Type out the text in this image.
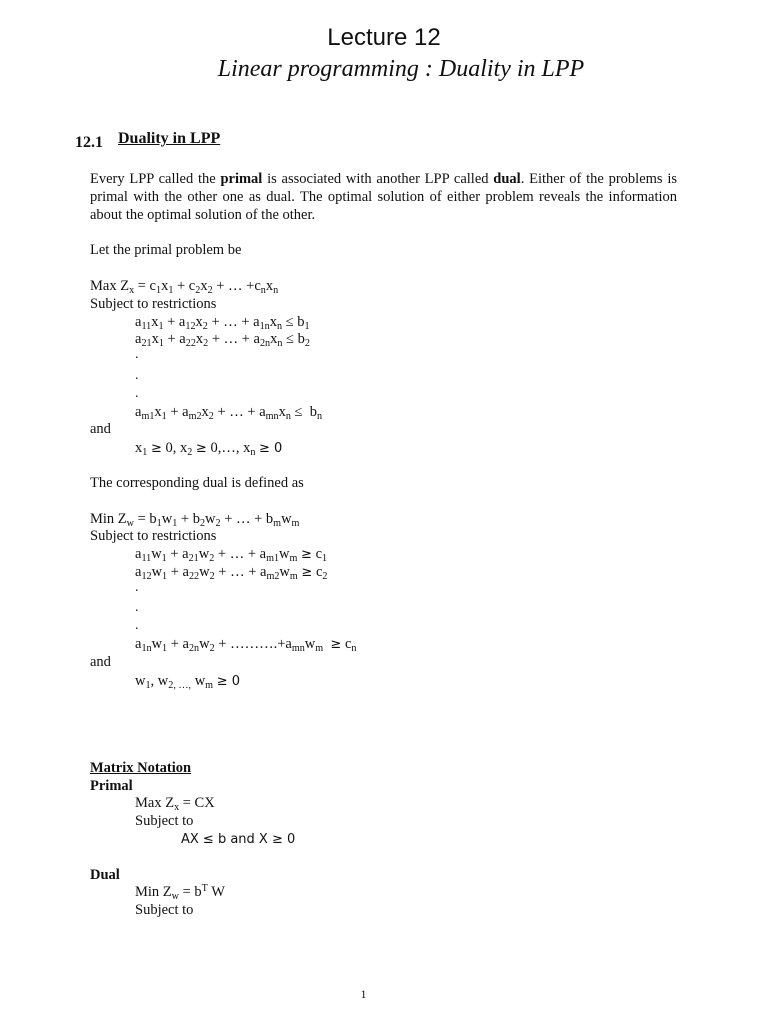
Lecture 12
Linear programming : Duality in LPP
12.1 Duality in LPP
Every LPP called the primal is associated with another LPP called dual. Either of the problems is primal with the other one as dual. The optimal solution of either problem reveals the information about the optimal solution of the other.
Let the primal problem be
Max $Z_x = c_1x_1 + c_2x_2$ + … $+c_nx_n$
Subject to restrictions
$a_{11}x_1 + a_{12}x_2$ + … + $a_{1n}x_n \le b_1$
$a_{21}x_1 + a_{22}x_2$ + … + $a_{2n}x_n \le b_2$
.
.
.
$a_{m1}x_1 + a_{m2}x_2$ + … + $a_{mn}x_n \le b_n$
and
$x_1 \ge 0$, $x_2$ ≥ 0,…, $x_n \ge 0$
The corresponding dual is defined as
Min $Z_w = b_1w_1 + b_2w_2$ + … + $b_mw_m$
Subject to restrictions
$a_{11}w_1 + a_{21}w_2$ + … + $a_{m1}w_m \ge c_1$
$a_{12}w_1 + a_{22}w_2$ + … + $a_{m2}w_m \ge c_2$
.
.
.
$a_{1n}w_1 + a_{2n}w_2$ + $\dots\dots\dots.+a_{mn}w_m \ge c_n$
and
$w_1$, $w_{2, \dots,}$ $w_m \ge 0$
Matrix Notation
Primal
Max $Z_x$ = CX
Subject to
AX ≤ b and X ≥ 0
Dual
Min $Z_w = b^T$ W
Subject to
1
